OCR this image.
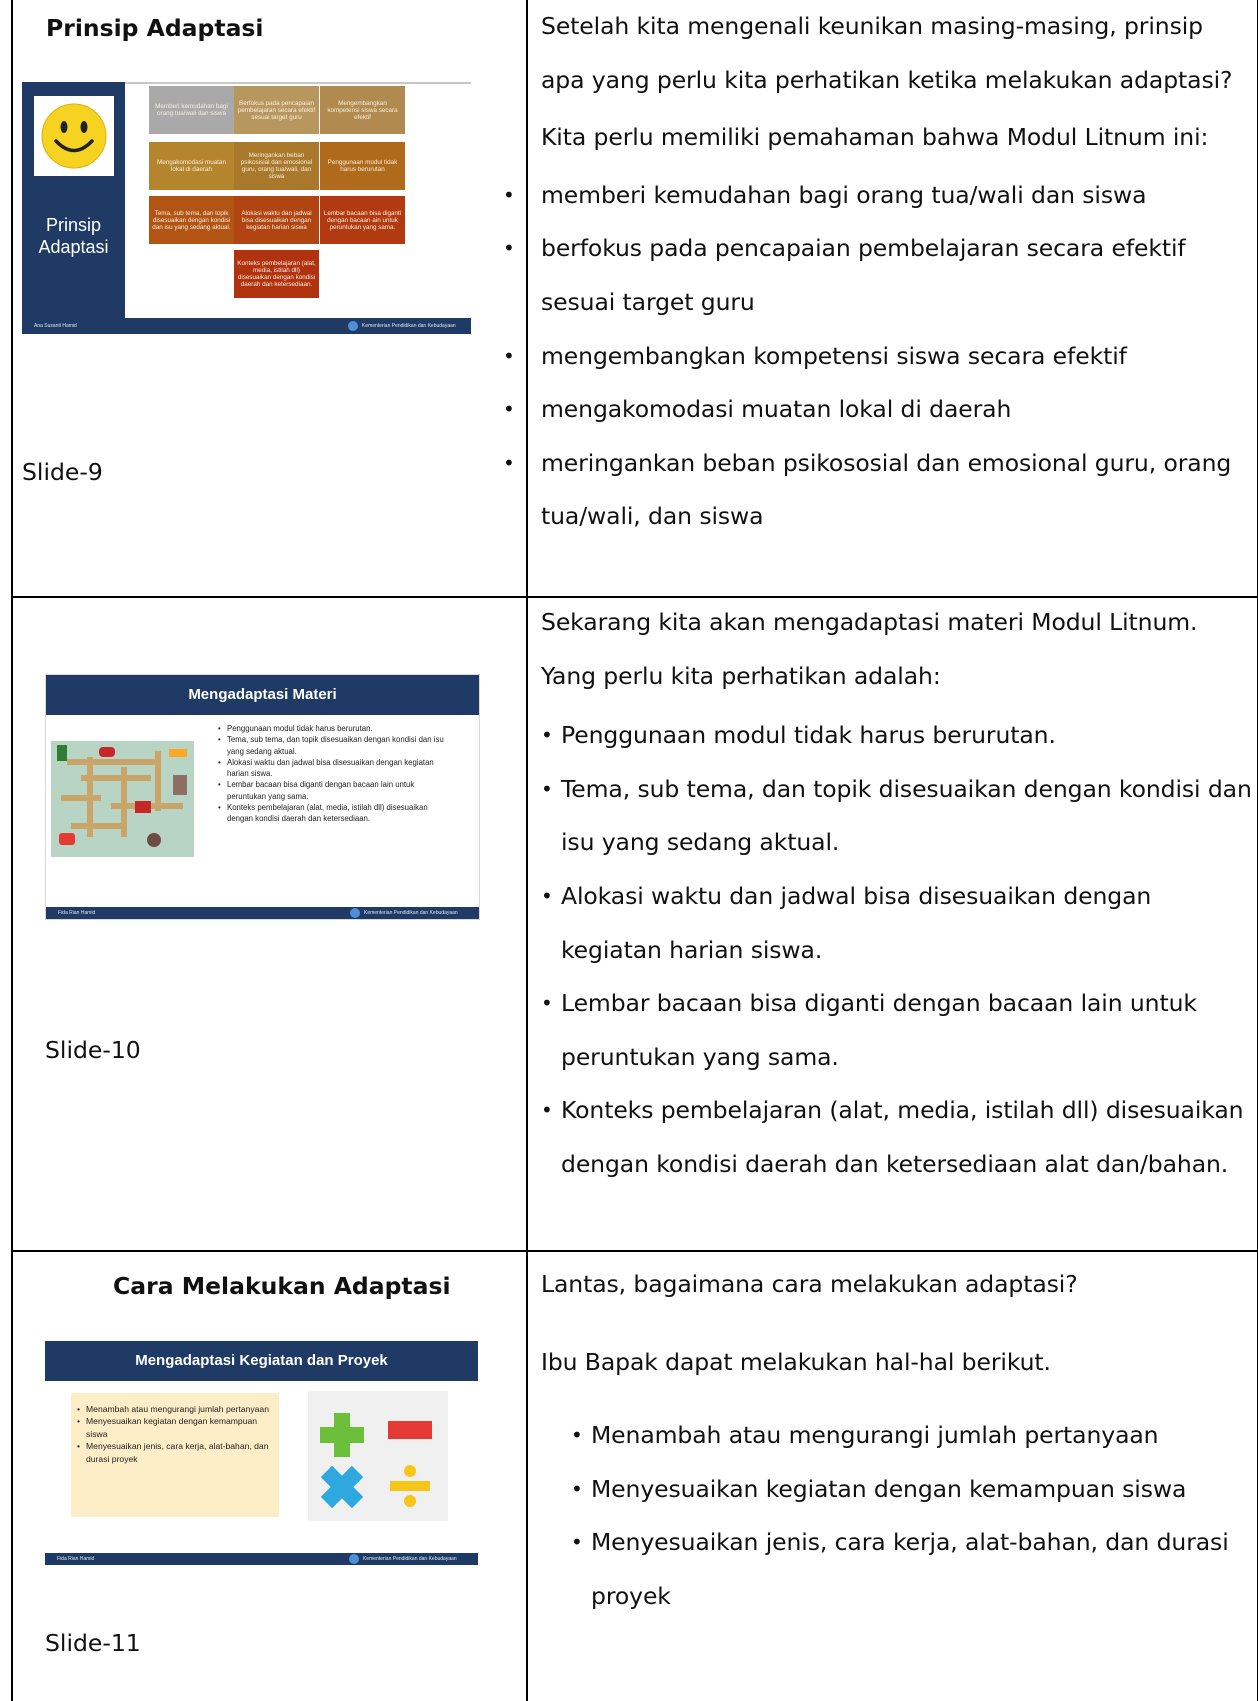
Prinsip Adaptasi
Prinsip Adaptasi
Memberi kemudahan bagi orang tua/wali dan siswa
Berfokus pada pencapaian pembelajaran secara efektif sesuai target guru
Mengembangkan kompetensi siswa secara efektif
Mengakomodasi muatan lokal di daerah
Meringankan beban psikosisial dan emosional guru, orang tua/wali, dan siswa
Penggunaan modul tidak harus berurutan
Tema, sub tema, dan topik disesuaikan dengan kondisi dan isu yang sedang aktual.
Alokasi waktu dan jadwal bisa disesuaikan dengan kegiatan harian siswa
Lembar bacaan bisa diganti dengan bacaan ain untuk peruntukan yang sama.
Konteks pembelajaran (alat, media, istilah dll) disesuaikan dengan kondisi daerah dan ketersediaan.
Ana Susanti Hamid	Kementerian Pendidikan dan Kebudayaan
Slide-9

Setelah kita mengenali keunikan masing-masing, prinsip apa yang perlu kita perhatikan ketika melakukan adaptasi?

Kita perlu memiliki pemahaman bahwa Modul Litnum ini:

• memberi kemudahan bagi orang tua/wali dan siswa
• berfokus pada pencapaian pembelajaran secara efektif sesuai target guru
• mengembangkan kompetensi siswa secara efektif
• mengakomodasi muatan lokal di daerah
• meringankan beban psikososial dan emosional guru, orang tua/wali, dan siswa
Mengadaptasi Materi
• Penggunaan modul tidak harus berurutan.
• Tema, sub tema, dan topik disesuaikan dengan kondisi dan isu yang sedang aktual.
• Alokasi waktu dan jadwal bisa disesuaikan dengan kegiatan harian siswa.
• Lembar bacaan bisa diganti dengan bacaan lain untuk peruntukan yang sama.
• Konteks pembelajaran (alat, media, istilah dll) disesuaikan dengan kondisi daerah dan ketersediaan.
Fida Rian Hamid	Kementerian Pendidikan dan Kebudayaan
Slide-10

Sekarang kita akan mengadaptasi materi Modul Litnum. Yang perlu kita perhatikan adalah:

• Penggunaan modul tidak harus berurutan.
• Tema, sub tema, dan topik disesuaikan dengan kondisi dan isu yang sedang aktual.
• Alokasi waktu dan jadwal bisa disesuaikan dengan kegiatan harian siswa.
• Lembar bacaan bisa diganti dengan bacaan lain untuk peruntukan yang sama.
• Konteks pembelajaran (alat, media, istilah dll) disesuaikan dengan kondisi daerah dan ketersediaan alat dan/bahan.
Cara Melakukan Adaptasi
Mengadaptasi Kegiatan dan Proyek
• Menambah atau mengurangi jumlah pertanyaan
• Menyesuaikan kegiatan dengan kemampuan siswa
• Menyesuaikan jenis, cara kerja, alat-bahan, dan durasi proyek
Fida Rian Hamid	Kementerian Pendidikan dan Kebudayaan
Slide-11

Lantas, bagaimana cara melakukan adaptasi?

Ibu Bapak dapat melakukan hal-hal berikut.

• Menambah atau mengurangi jumlah pertanyaan
• Menyesuaikan kegiatan dengan kemampuan siswa
• Menyesuaikan jenis, cara kerja, alat-bahan, dan durasi proyek
